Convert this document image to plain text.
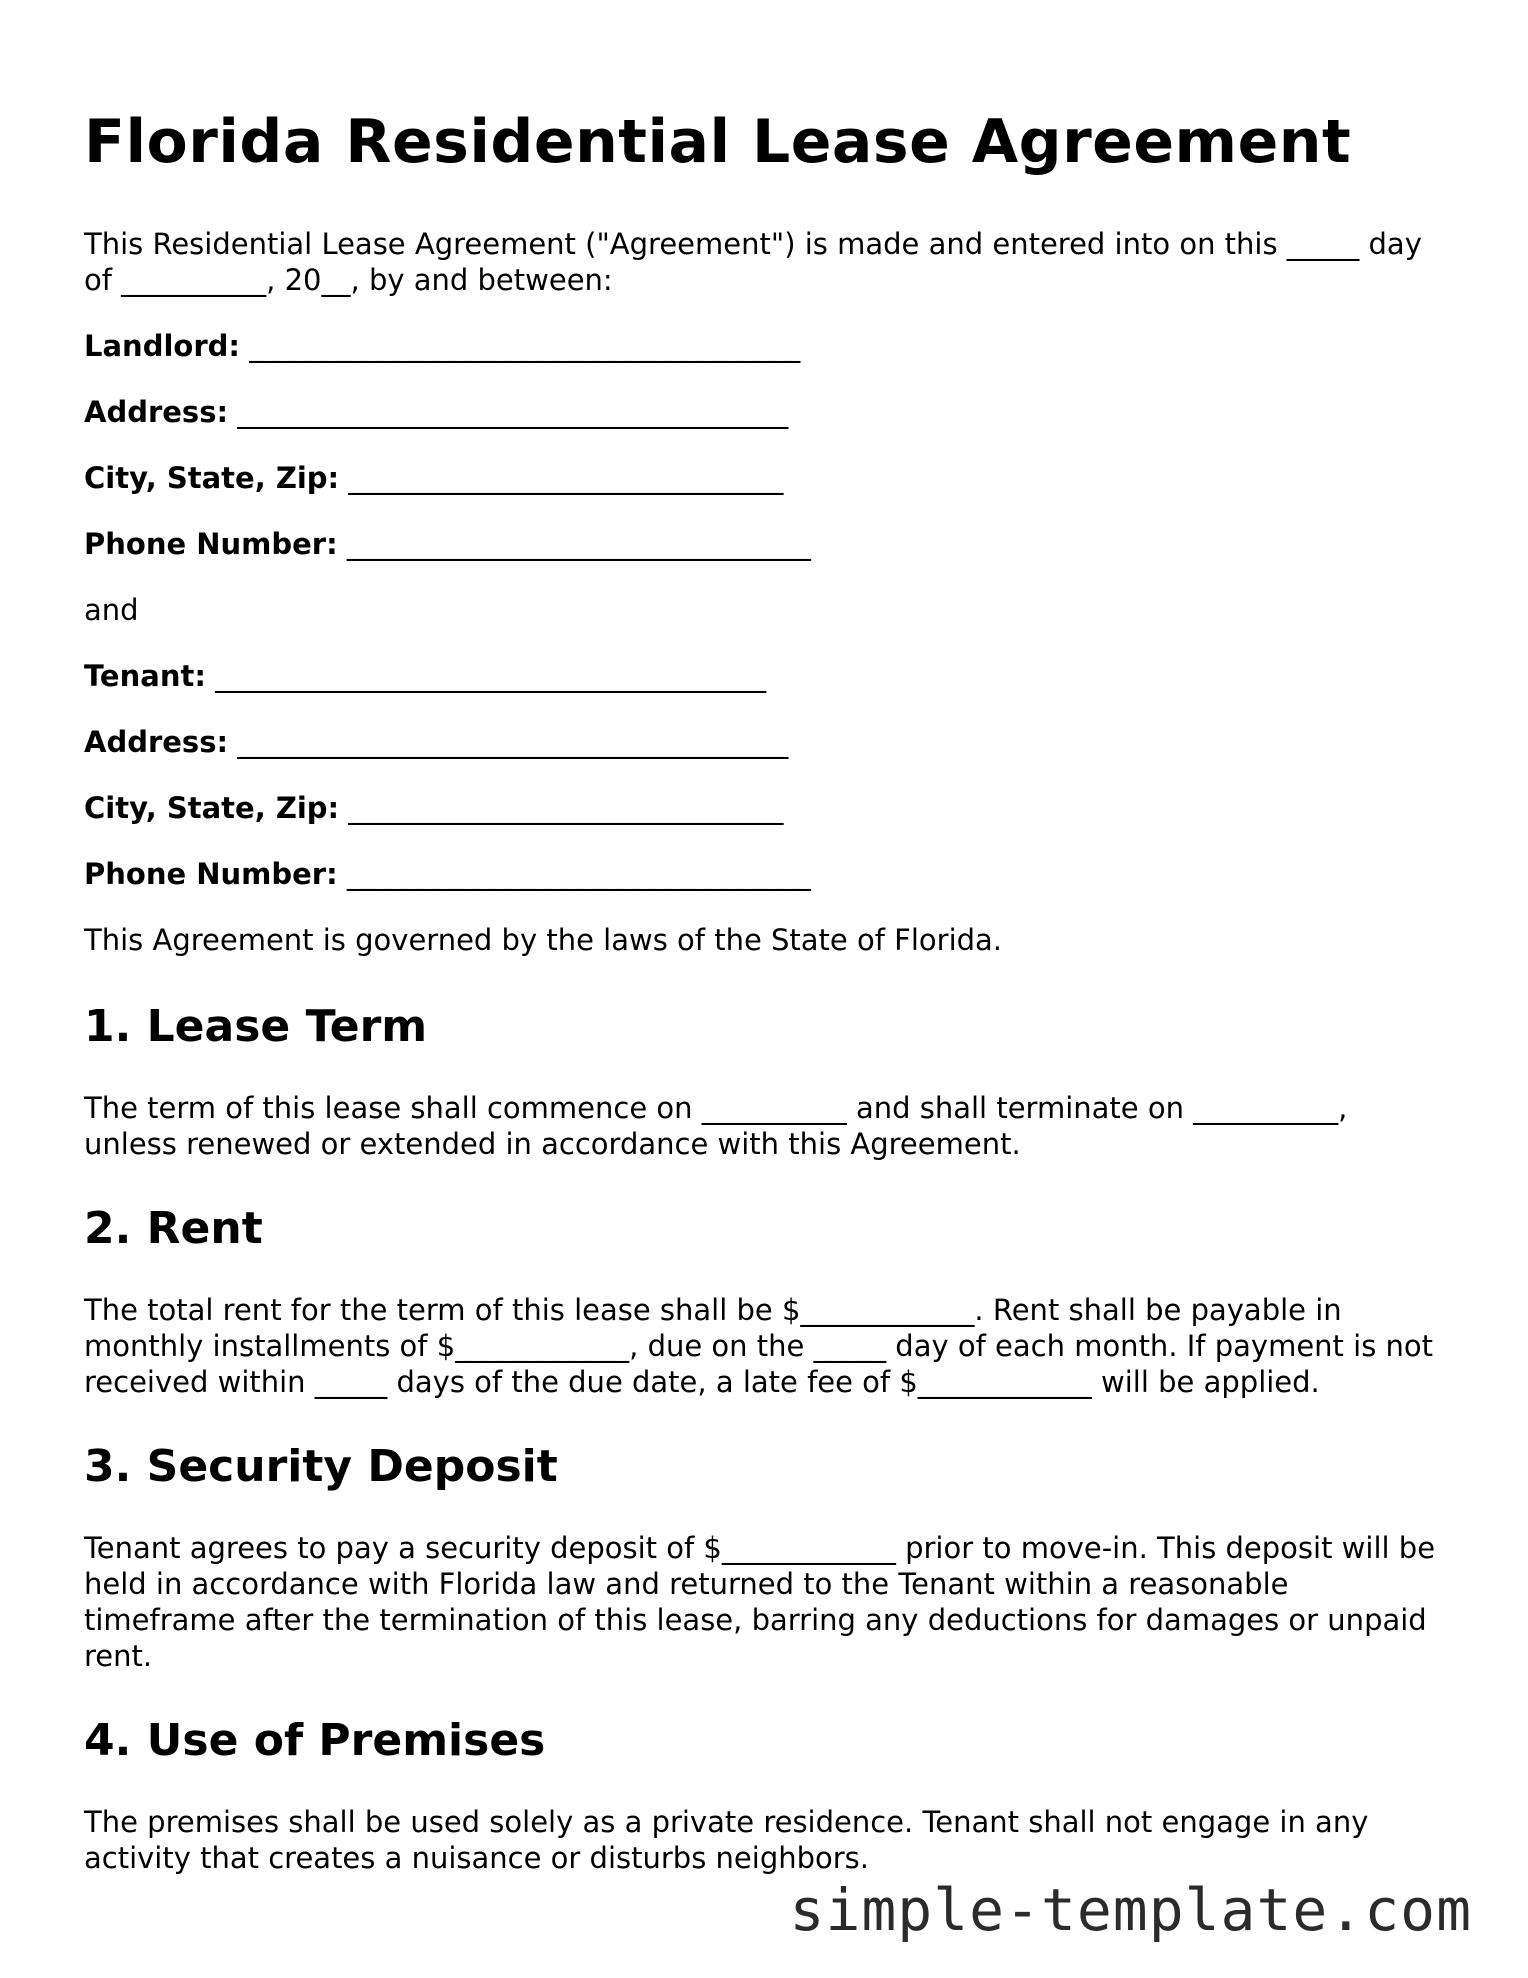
Florida Residential Lease Agreement

This Residential Lease Agreement ("Agreement") is made and entered into on this _____ day of __________, 20__, by and between:

Landlord: ______________________________________
Address: ______________________________________
City, State, Zip: ______________________________
Phone Number: ________________________________

and

Tenant: ______________________________________
Address: ______________________________________
City, State, Zip: ______________________________
Phone Number: ________________________________

This Agreement is governed by the laws of the State of Florida.

1. Lease Term

The term of this lease shall commence on __________ and shall terminate on __________, unless renewed or extended in accordance with this Agreement.

2. Rent

The total rent for the term of this lease shall be $____________. Rent shall be payable in monthly installments of $____________, due on the _____ day of each month. If payment is not received within _____ days of the due date, a late fee of $____________ will be applied.

3. Security Deposit

Tenant agrees to pay a security deposit of $____________ prior to move-in. This deposit will be held in accordance with Florida law and returned to the Tenant within a reasonable timeframe after the termination of this lease, barring any deductions for damages or unpaid rent.

4. Use of Premises

The premises shall be used solely as a private residence. Tenant shall not engage in any activity that creates a nuisance or disturbs neighbors.

simple-template.com
